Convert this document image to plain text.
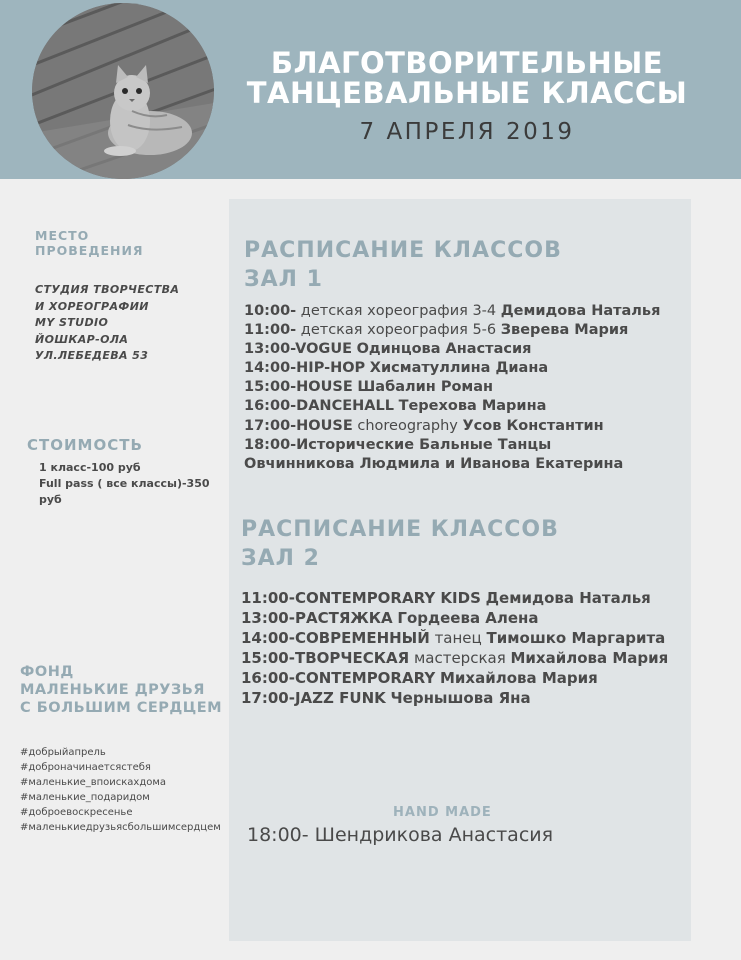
БЛАГОТВОРИТЕЛЬНЫЕ
ТАНЦЕВАЛЬНЫЕ КЛАССЫ
7 АПРЕЛЯ 2019
РАСПИСАНИЕ КЛАССОВ
ЗАЛ 1
10:00- детская хореография 3-4 Демидова Наталья
11:00- детская хореография 5-6 Зверева Мария
13:00-VOGUE Одинцова Анастасия
14:00-HIP-HOP Хисматуллина Диана
15:00-HOUSE Шабалин Роман
16:00-DANCEHALL Терехова Марина
17:00-HOUSE choreography Усов Константин
18:00-Исторические Бальные Танцы
Овчинникова Людмила и Иванова Екатерина
РАСПИСАНИЕ КЛАССОВ
ЗАЛ 2
11:00-CONTEMPORARY KIDS Демидова Наталья
13:00-РАСТЯЖКА Гордеева Алена
14:00-СОВРЕМЕННЫЙ танец Тимошко Маргарита
15:00-ТВОРЧЕСКАЯ мастерская Михайлова Мария
16:00-CONTEMPORARY Михайлова Мария
17:00-JAZZ FUNK Чернышова Яна
HAND MADE
18:00- Шендрикова Анастасия
МЕСТО
ПРОВЕДЕНИЯ
СТУДИЯ ТВОРЧЕСТВА
И ХОРЕОГРАФИИ
MY STUDIO
ЙОШКАР-ОЛА
УЛ.ЛЕБЕДЕВА 53
СТОИМОСТЬ
1 класс-100 руб
Full pass ( все классы)-350 руб
ФОНД
МАЛЕНЬКИЕ ДРУЗЬЯ
С БОЛЬШИМ СЕРДЦЕМ
#добрыйапрель
#доброначинаетсястебя
#маленькие_впоискахдома
#маленькие_подаридом
#доброевоскресенье
#маленькиедрузьясбольшимсердцем
